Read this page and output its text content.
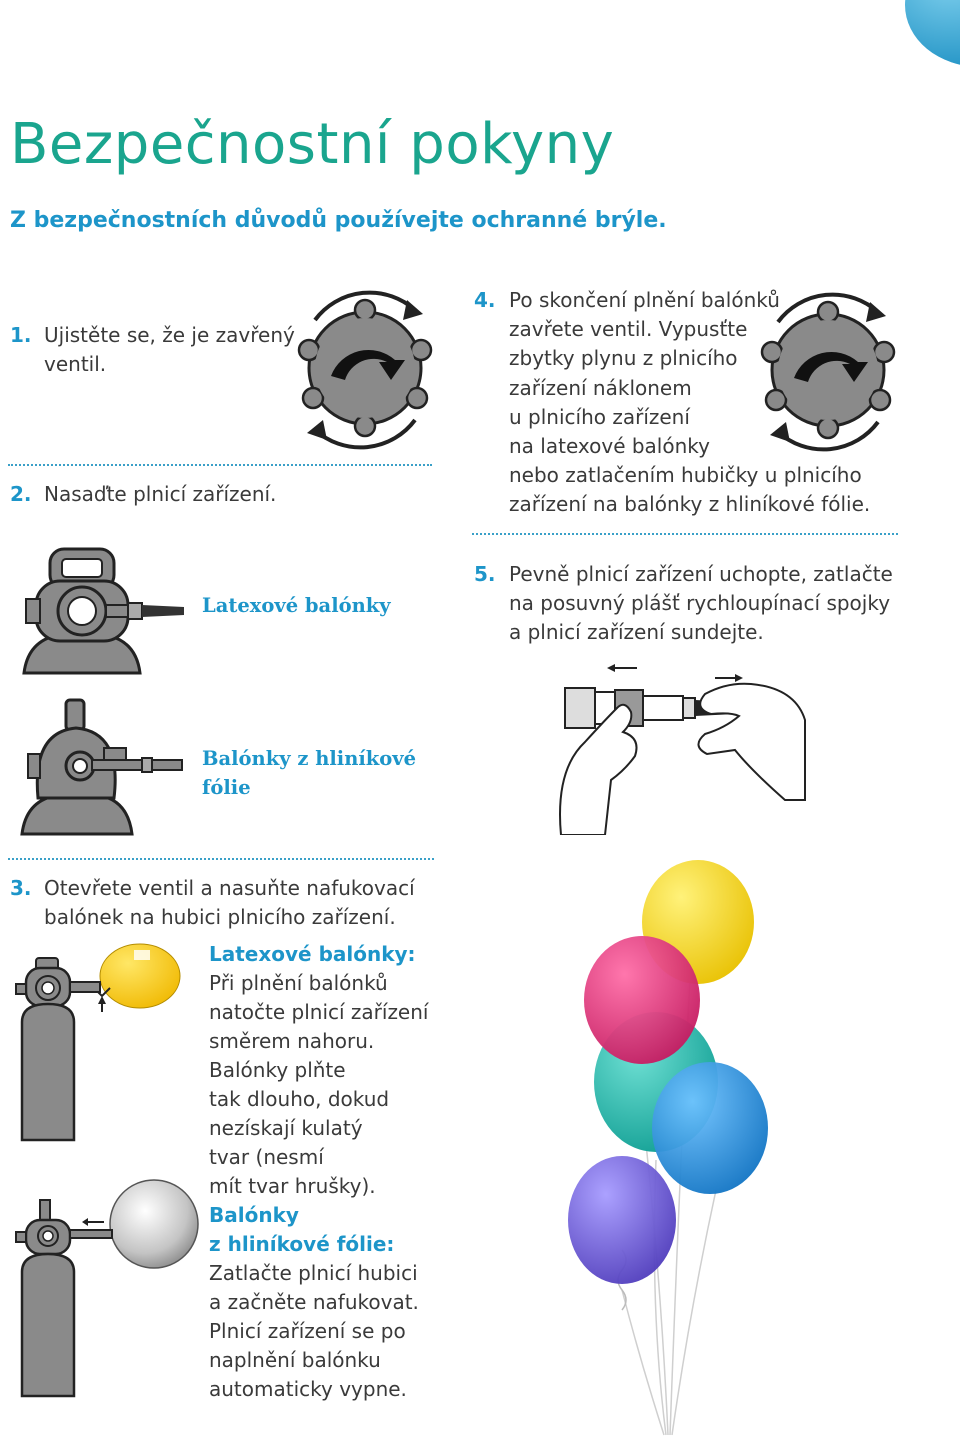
Bezpečnostní pokyny
Z bezpečnostních důvodů používejte ochranné brýle.
1. Ujistěte se, že je zavřený
ventil.
2. Nasaďte plnicí zařízení.
Latexové balónky
Balónky z hliníkové
fólie
3. Otevřete ventil a nasuňte nafukovací
balónek na hubici plnicího zařízení.
Latexové balónky:
Při plnění balónků
natočte plnicí zařízení
směrem nahoru.
Balónky plňte
tak dlouho, dokud
nezískají kulatý
tvar (nesmí
mít tvar hrušky).
Balónky
z hliníkové fólie:
Zatlačte plnicí hubici
a začněte nafukovat.
Plnicí zařízení se po
naplnění balónku
automaticky vypne.
4. Po skončení plnění balónků
zavřete ventil. Vypusťte
zbytky plynu z plnicího
zařízení náklonem
u plnicího zařízení
na latexové balónky
nebo zatlačením hubičky u plnicího
zařízení na balónky z hliníkové fólie.
5. Pevně plnicí zařízení uchopte, zatlačte
na posuvný plášť rychloupínací spojky
a plnicí zařízení sundejte.
